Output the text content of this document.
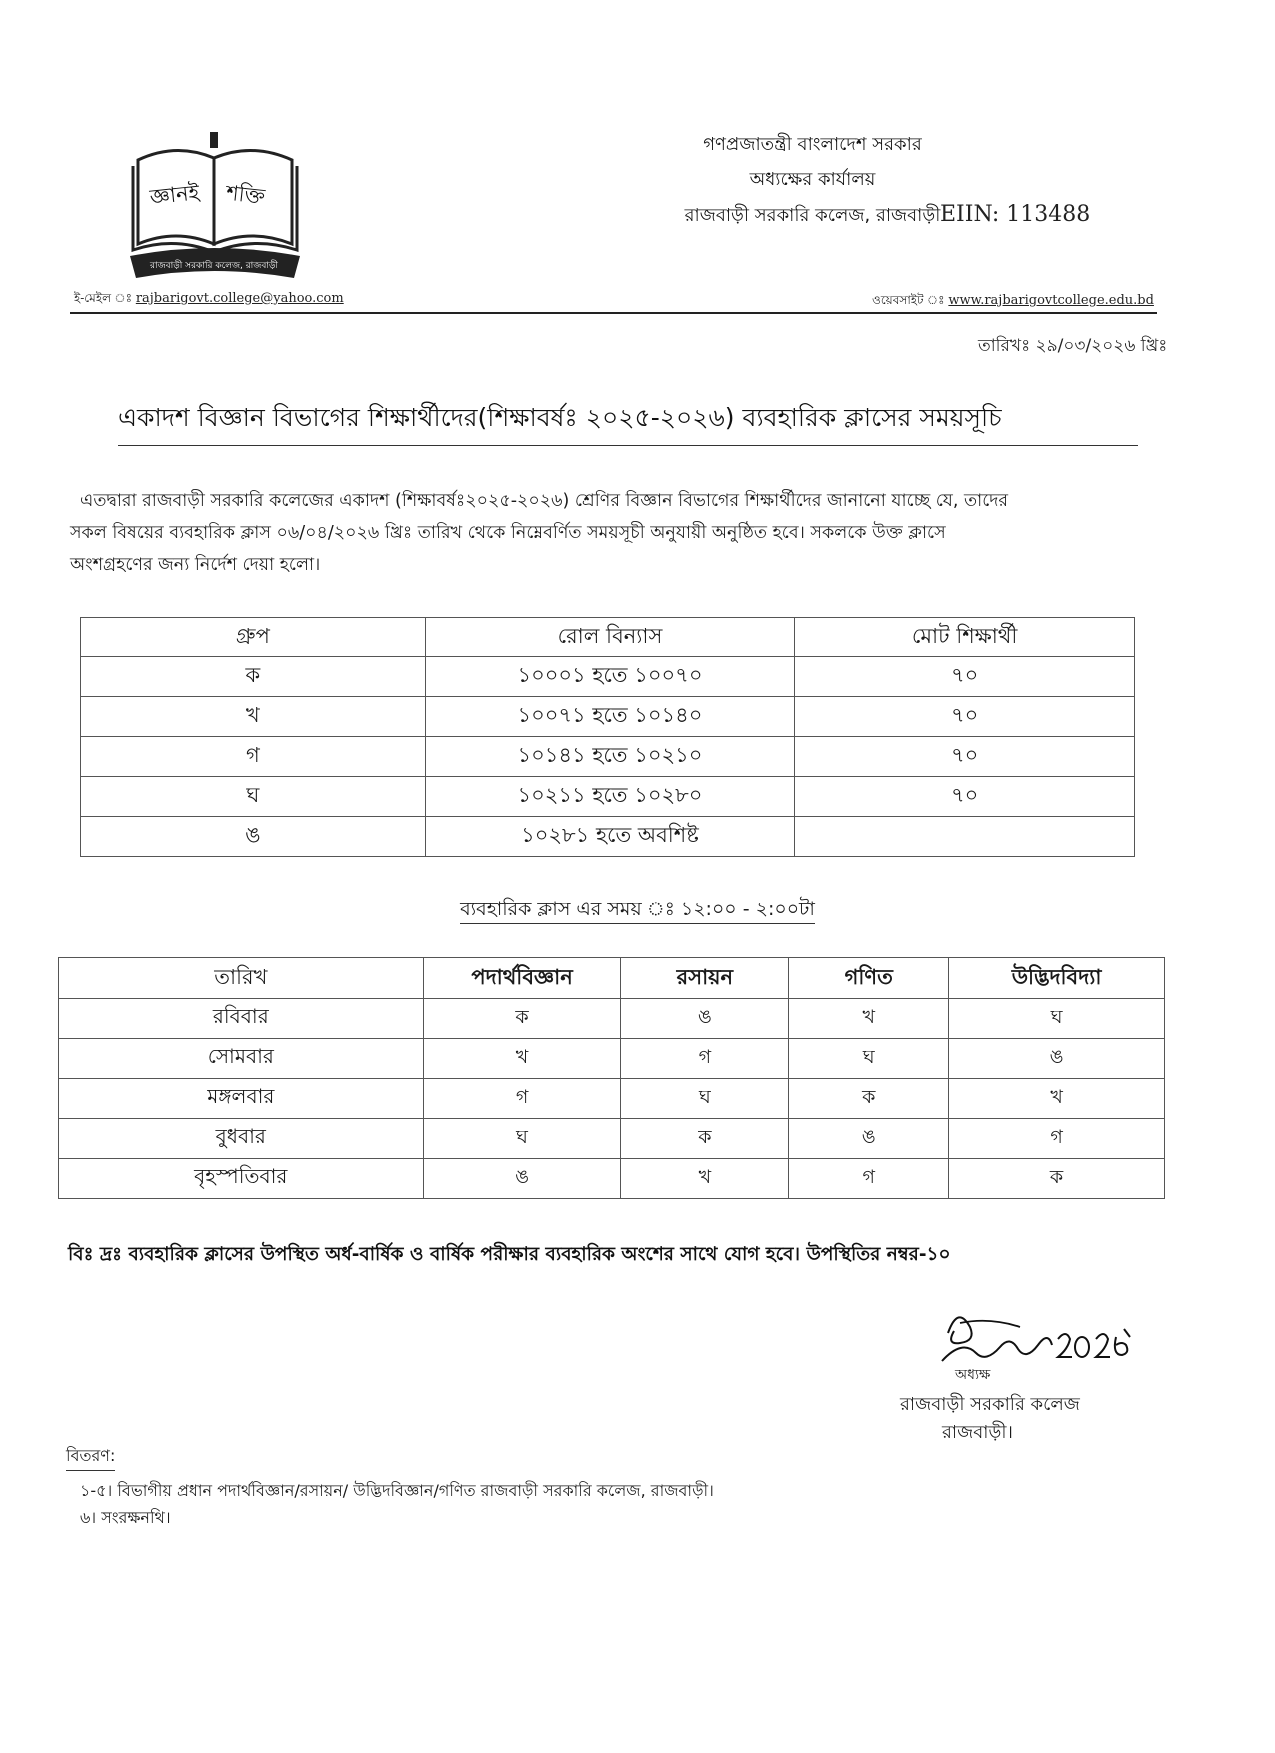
জ্ঞানই শক্তি
রাজবাড়ী সরকারি কলেজ, রাজবাড়ী
গণপ্রজাতন্ত্রী বাংলাদেশ সরকার
অধ্যক্ষের কার্যালয়
রাজবাড়ী সরকারি কলেজ, রাজবাড়ী EIIN: 113488
ই-মেইল ঃ rajbarigovt.college@yahoo.com	ওয়েবসাইট ঃ www.rajbarigovtcollege.edu.bd
তারিখঃ ২৯/০৩/২০২৬ খ্রিঃ
একাদশ বিজ্ঞান বিভাগের শিক্ষার্থীদের(শিক্ষাবর্ষঃ ২০২৫-২০২৬) ব্যবহারিক ক্লাসের সময়সূচি

এতদ্বারা রাজবাড়ী সরকারি কলেজের একাদশ (শিক্ষাবর্ষঃ২০২৫-২০২৬) শ্রেণির বিজ্ঞান বিভাগের শিক্ষার্থীদের জানানো যাচ্ছে যে, তাদের

সকল বিষয়ের ব্যবহারিক ক্লাস ০৬/০৪/২০২৬ খ্রিঃ তারিখ থেকে নিম্নেবর্ণিত সময়সূচী অনুযায়ী অনুষ্ঠিত হবে। সকলকে উক্ত ক্লাসে

অংশগ্রহণের জন্য নির্দেশ দেয়া হলো।

গ্রুপ	রোল বিন্যাস	মোট শিক্ষার্থী
ক	১০০০১ হতে ১০০৭০	৭০
খ	১০০৭১ হতে ১০১৪০	৭০
গ	১০১৪১ হতে ১০২১০	৭০
ঘ	১০২১১ হতে ১০২৮০	৭০
ঙ	১০২৮১ হতে অবশিষ্ট	
ব্যবহারিক ক্লাস এর সময় ঃ ১২:০০ - ২:০০টা
তারিখ	পদার্থবিজ্ঞান	রসায়ন	গণিত	উদ্ভিদবিদ্যা
রবিবার	ক	ঙ	খ	ঘ
সোমবার	খ	গ	ঘ	ঙ
মঙ্গলবার	গ	ঘ	ক	খ
বুধবার	ঘ	ক	ঙ	গ
বৃহস্পতিবার	ঙ	খ	গ	ক
বিঃ দ্রঃ ব্যবহারিক ক্লাসের উপস্থিত অর্ধ-বার্ষিক ও বার্ষিক পরীক্ষার ব্যবহারিক অংশের সাথে যোগ হবে। উপস্থিতির নম্বর-১০
অধ্যক্ষ
রাজবাড়ী সরকারি কলেজ
রাজবাড়ী।
বিতরণ:
১-৫। বিভাগীয় প্রধান পদার্থবিজ্ঞান/রসায়ন/ উদ্ভিদবিজ্ঞান/গণিত রাজবাড়ী সরকারি কলেজ, রাজবাড়ী।
৬। সংরক্ষনথি।
